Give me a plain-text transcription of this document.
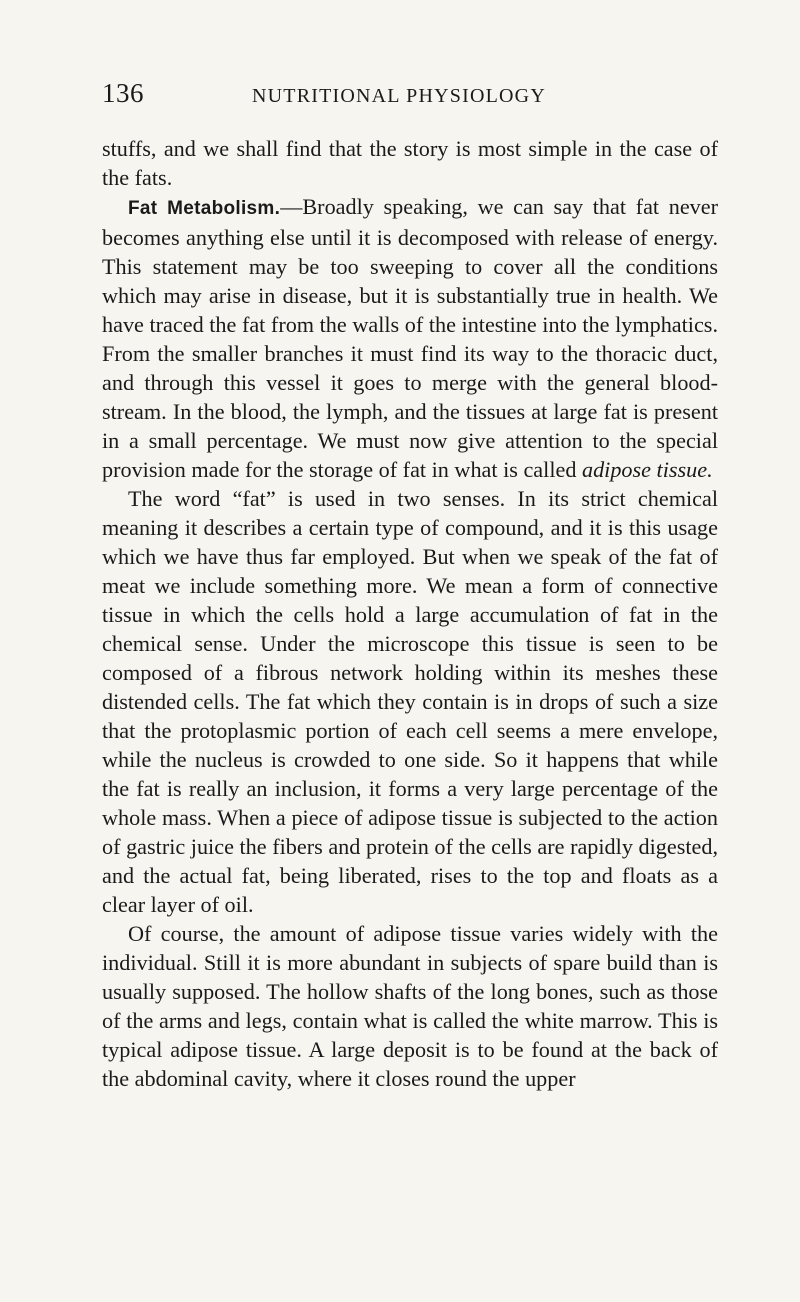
136	NUTRITIONAL PHYSIOLOGY

stuffs, and we shall find that the story is most simple in the case of the fats.

Fat Metabolism.—Broadly speaking, we can say that fat never becomes anything else until it is decomposed with release of energy. This statement may be too sweeping to cover all the conditions which may arise in disease, but it is substantially true in health. We have traced the fat from the walls of the intestine into the lymphatics. From the smaller branches it must find its way to the thoracic duct, and through this vessel it goes to merge with the general blood-stream. In the blood, the lymph, and the tissues at large fat is present in a small percentage. We must now give attention to the special provision made for the storage of fat in what is called adipose tissue.

The word “fat” is used in two senses. In its strict chemical meaning it describes a certain type of compound, and it is this usage which we have thus far employed. But when we speak of the fat of meat we include something more. We mean a form of connective tissue in which the cells hold a large accumulation of fat in the chemical sense. Under the microscope this tissue is seen to be composed of a fibrous network holding within its meshes these distended cells. The fat which they contain is in drops of such a size that the protoplasmic portion of each cell seems a mere envelope, while the nucleus is crowded to one side. So it happens that while the fat is really an inclusion, it forms a very large percentage of the whole mass. When a piece of adipose tissue is subjected to the action of gastric juice the fibers and protein of the cells are rapidly digested, and the actual fat, being liberated, rises to the top and floats as a clear layer of oil.

Of course, the amount of adipose tissue varies widely with the individual. Still it is more abundant in subjects of spare build than is usually supposed. The hollow shafts of the long bones, such as those of the arms and legs, contain what is called the white marrow. This is typical adipose tissue. A large deposit is to be found at the back of the abdominal cavity, where it closes round the upper
